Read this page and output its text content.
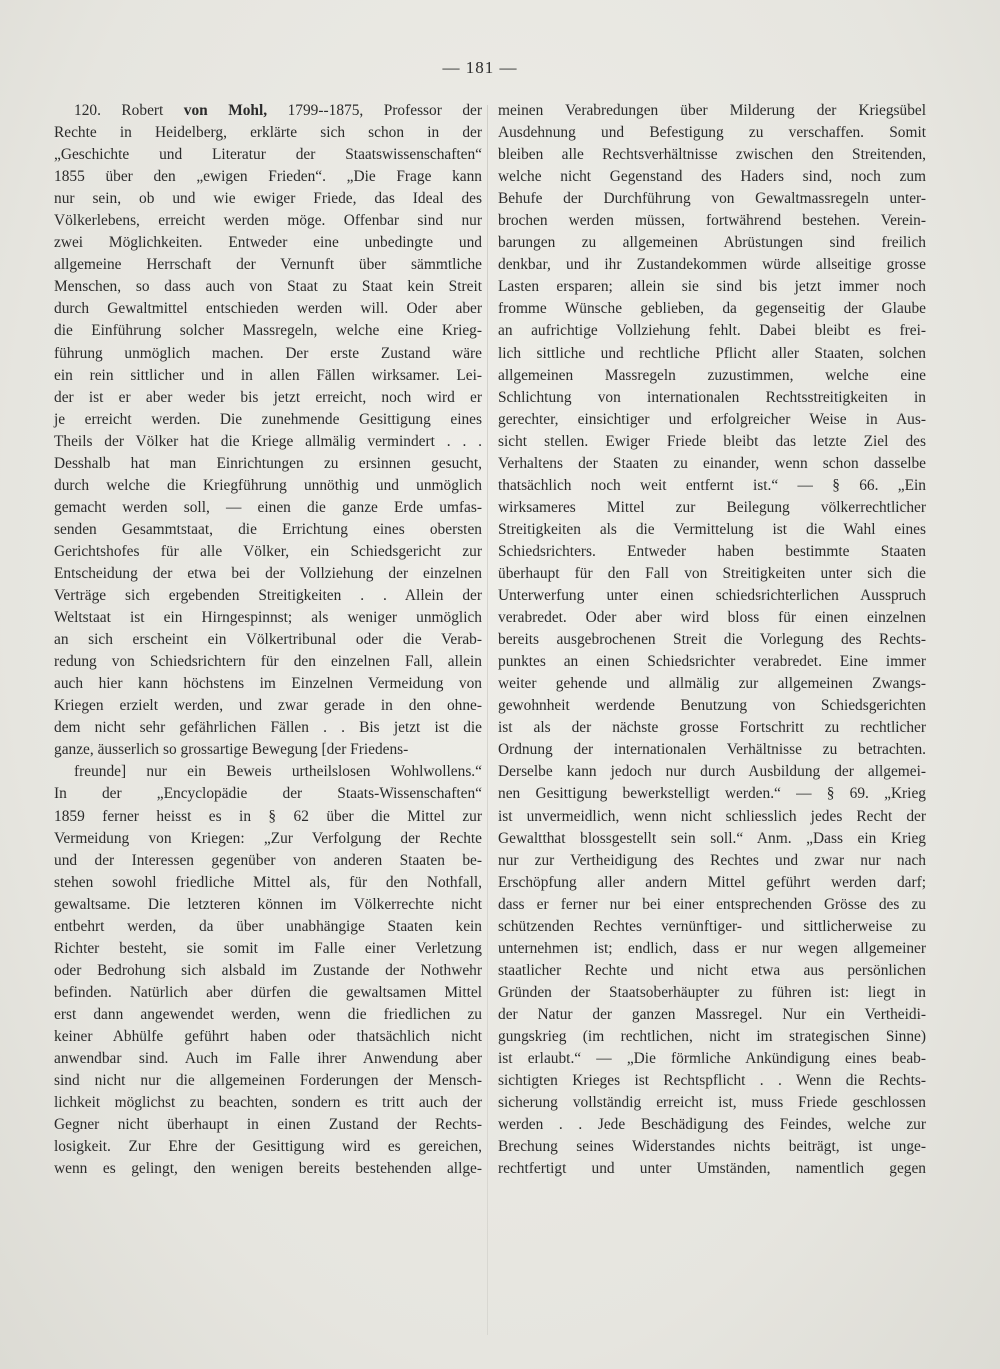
— 181 —
120. Robert von Mohl, 1799--1875, Professor der
Rechte in Heidelberg, erklärte sich schon in der
„Geschichte und Literatur der Staatswissenschaften“
1855 über den „ewigen Frieden“. „Die Frage kann
nur sein, ob und wie ewiger Friede, das Ideal des
Völkerlebens, erreicht werden möge. Offenbar sind nur
zwei Möglichkeiten. Entweder eine unbedingte und
allgemeine Herrschaft der Vernunft über sämmtliche
Menschen, so dass auch von Staat zu Staat kein Streit
durch Gewaltmittel entschieden werden will. Oder aber
die Einführung solcher Massregeln, welche eine Krieg-
führung unmöglich machen. Der erste Zustand wäre
ein rein sittlicher und in allen Fällen wirksamer. Lei-
der ist er aber weder bis jetzt erreicht, noch wird er
je erreicht werden. Die zunehmende Gesittigung eines
Theils der Völker hat die Kriege allmälig vermindert . . .
Desshalb hat man Einrichtungen zu ersinnen gesucht,
durch welche die Kriegführung unnöthig und unmöglich
gemacht werden soll, — einen die ganze Erde umfas-
senden Gesammtstaat, die Errichtung eines obersten
Gerichtshofes für alle Völker, ein Schiedsgericht zur
Entscheidung der etwa bei der Vollziehung der einzelnen
Verträge sich ergebenden Streitigkeiten . . Allein der
Weltstaat ist ein Hirngespinnst; als weniger unmöglich
an sich erscheint ein Völkertribunal oder die Verab-
redung von Schiedsrichtern für den einzelnen Fall, allein
auch hier kann höchstens im Einzelnen Vermeidung von
Kriegen erzielt werden, und zwar gerade in den ohne-
dem nicht sehr gefährlichen Fällen . . Bis jetzt ist die
ganze, äusserlich so grossartige Bewegung [der Friedens-
freunde] nur ein Beweis urtheilslosen Wohlwollens.“
In der „Encyclopädie der Staats-Wissenschaften“
1859 ferner heisst es in § 62 über die Mittel zur
Vermeidung von Kriegen: „Zur Verfolgung der Rechte
und der Interessen gegenüber von anderen Staaten be-
stehen sowohl friedliche Mittel als, für den Nothfall,
gewaltsame. Die letzteren können im Völkerrechte nicht
entbehrt werden, da über unabhängige Staaten kein
Richter besteht, sie somit im Falle einer Verletzung
oder Bedrohung sich alsbald im Zustande der Nothwehr
befinden. Natürlich aber dürfen die gewaltsamen Mittel
erst dann angewendet werden, wenn die friedlichen zu
keiner Abhülfe geführt haben oder thatsächlich nicht
anwendbar sind. Auch im Falle ihrer Anwendung aber
sind nicht nur die allgemeinen Forderungen der Mensch-
lichkeit möglichst zu beachten, sondern es tritt auch der
Gegner nicht überhaupt in einen Zustand der Rechts-
losigkeit. Zur Ehre der Gesittigung wird es gereichen,
wenn es gelingt, den wenigen bereits bestehenden allge-
meinen Verabredungen über Milderung der Kriegsübel
Ausdehnung und Befestigung zu verschaffen. Somit
bleiben alle Rechtsverhältnisse zwischen den Streitenden,
welche nicht Gegenstand des Haders sind, noch zum
Behufe der Durchführung von Gewaltmassregeln unter-
brochen werden müssen, fortwährend bestehen. Verein-
barungen zu allgemeinen Abrüstungen sind freilich
denkbar, und ihr Zustandekommen würde allseitige grosse
Lasten ersparen; allein sie sind bis jetzt immer noch
fromme Wünsche geblieben, da gegenseitig der Glaube
an aufrichtige Vollziehung fehlt. Dabei bleibt es frei-
lich sittliche und rechtliche Pflicht aller Staaten, solchen
allgemeinen Massregeln zuzustimmen, welche eine
Schlichtung von internationalen Rechtsstreitigkeiten in
gerechter, einsichtiger und erfolgreicher Weise in Aus-
sicht stellen. Ewiger Friede bleibt das letzte Ziel des
Verhaltens der Staaten zu einander, wenn schon dasselbe
thatsächlich noch weit entfernt ist.“ — § 66. „Ein
wirksameres Mittel zur Beilegung völkerrechtlicher
Streitigkeiten als die Vermittelung ist die Wahl eines
Schiedsrichters. Entweder haben bestimmte Staaten
überhaupt für den Fall von Streitigkeiten unter sich die
Unterwerfung unter einen schiedsrichterlichen Ausspruch
verabredet. Oder aber wird bloss für einen einzelnen
bereits ausgebrochenen Streit die Vorlegung des Rechts-
punktes an einen Schiedsrichter verabredet. Eine immer
weiter gehende und allmälig zur allgemeinen Zwangs-
gewohnheit werdende Benutzung von Schiedsgerichten
ist als der nächste grosse Fortschritt zu rechtlicher
Ordnung der internationalen Verhältnisse zu betrachten.
Derselbe kann jedoch nur durch Ausbildung der allgemei-
nen Gesittigung bewerkstelligt werden.“ — § 69. „Krieg
ist unvermeidlich, wenn nicht schliesslich jedes Recht der
Gewaltthat blossgestellt sein soll.“ Anm. „Dass ein Krieg
nur zur Vertheidigung des Rechtes und zwar nur nach
Erschöpfung aller andern Mittel geführt werden darf;
dass er ferner nur bei einer entsprechenden Grösse des zu
schützenden Rechtes vernünftiger- und sittlicherweise zu
unternehmen ist; endlich, dass er nur wegen allgemeiner
staatlicher Rechte und nicht etwa aus persönlichen
Gründen der Staatsoberhäupter zu führen ist: liegt in
der Natur der ganzen Massregel. Nur ein Vertheidi-
gungskrieg (im rechtlichen, nicht im strategischen Sinne)
ist erlaubt.“ — „Die förmliche Ankündigung eines beab-
sichtigten Krieges ist Rechtspflicht . . Wenn die Rechts-
sicherung vollständig erreicht ist, muss Friede geschlossen
werden . . Jede Beschädigung des Feindes, welche zur
Brechung seines Widerstandes nichts beiträgt, ist unge-
rechtfertigt und unter Umständen, namentlich gegen
